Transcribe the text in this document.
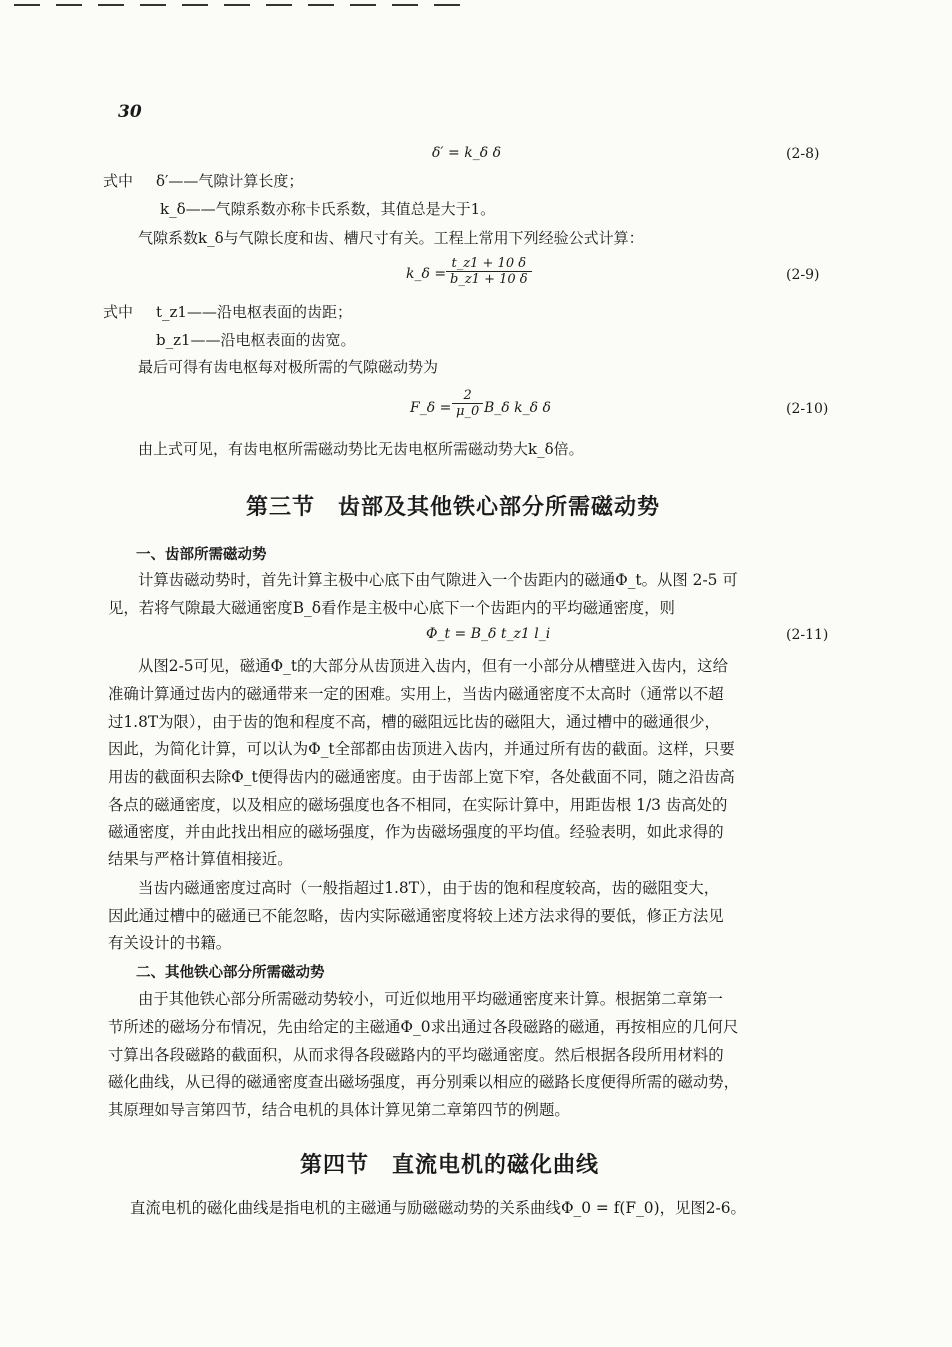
30
δ′ = k_δ δ	(2-8)
式中 δ′——气隙计算长度；
k_δ——气隙系数亦称卡氏系数，其值总是大于1。
气隙系数k_δ与气隙长度和齿、槽尺寸有关。工程上常用下列经验公式计算：
k_δ = $\frac{t\_z1 + 10 \delta}{b\_z1 + 10 \delta}$	(2-9)
式中 t_z1——沿电枢表面的齿距；
b_z1——沿电枢表面的齿宽。
最后可得有齿电枢每对极所需的气隙磁动势为
F_δ = $\frac{2}{\mu\_0}$ B_δ k_δ δ	(2-10)
由上式可见，有齿电枢所需磁动势比无齿电枢所需磁动势大k_δ倍。
第三节　齿部及其他铁心部分所需磁动势
一、齿部所需磁动势
计算齿磁动势时，首先计算主极中心底下由气隙进入一个齿距内的磁通Φ_t。从图 2-5 可
见，若将气隙最大磁通密度B_δ看作是主极中心底下一个齿距内的平均磁通密度，则
Φ_t = B_δ t_z1 l_i	(2-11)
从图2-5可见，磁通Φ_t的大部分从齿顶进入齿内，但有一小部分从槽壁进入齿内，这给
准确计算通过齿内的磁通带来一定的困难。实用上，当齿内磁通密度不太高时（通常以不超
过1.8T为限），由于齿的饱和程度不高，槽的磁阻远比齿的磁阻大，通过槽中的磁通很少，
因此，为简化计算，可以认为Φ_t全部都由齿顶进入齿内，并通过所有齿的截面。这样，只要
用齿的截面积去除Φ_t便得齿内的磁通密度。由于齿部上宽下窄，各处截面不同，随之沿齿高
各点的磁通密度，以及相应的磁场强度也各不相同，在实际计算中，用距齿根 1/3 齿高处的
磁通密度，并由此找出相应的磁场强度，作为齿磁场强度的平均值。经验表明，如此求得的
结果与严格计算值相接近。
当齿内磁通密度过高时（一般指超过1.8T），由于齿的饱和程度较高，齿的磁阻变大，
因此通过槽中的磁通已不能忽略，齿内实际磁通密度将较上述方法求得的要低，修正方法见
有关设计的书籍。
二、其他铁心部分所需磁动势
由于其他铁心部分所需磁动势较小，可近似地用平均磁通密度来计算。根据第二章第一
节所述的磁场分布情况，先由给定的主磁通Φ_0求出通过各段磁路的磁通，再按相应的几何尺
寸算出各段磁路的截面积，从而求得各段磁路内的平均磁通密度。然后根据各段所用材料的
磁化曲线，从已得的磁通密度查出磁场强度，再分别乘以相应的磁路长度便得所需的磁动势，
其原理如导言第四节，结合电机的具体计算见第二章第四节的例题。
第四节　直流电机的磁化曲线
直流电机的磁化曲线是指电机的主磁通与励磁磁动势的关系曲线Φ_0 = f(F_0)，见图2-6。
